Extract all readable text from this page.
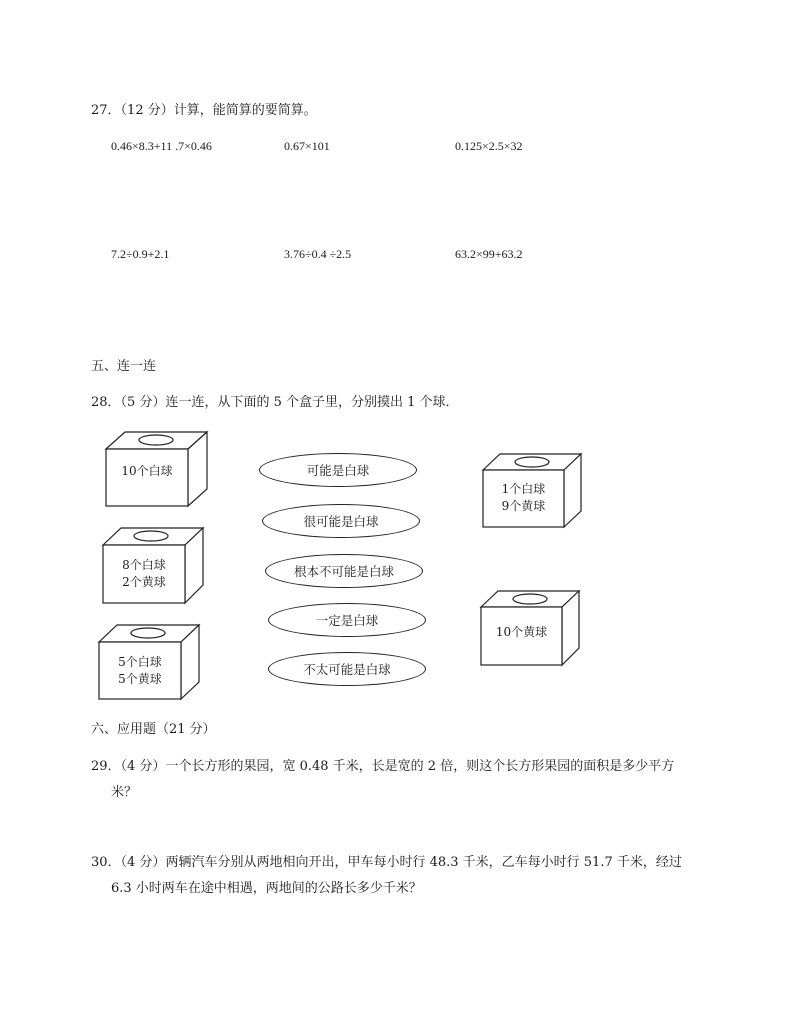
27．（12 分）计算，能简算的要简算。
0.46×8.3+11 .7×0.46	0.67×101	0.125×2.5×32
7.2÷0.9+2.1	3.76÷0.4 ÷2.5	63.2×99+63.2
五、连一连
28．（5 分）连一连，从下面的 5 个盒子里，分别摸出 1 个球．
10个白球
8个白球
2个黄球
5个白球
5个黄球
1个白球
9个黄球
10个黄球
可能是白球
很可能是白球
根本不可能是白球
一定是白球
不太可能是白球
六、应用题（21 分）
29．（4 分）一个长方形的果园，宽 0.48 千米，长是宽的 2 倍，则这个长方形果园的面积是多少平方
米？
30．（4 分）两辆汽车分别从两地相向开出，甲车每小时行 48.3 千米，乙车每小时行 51.7 千米，经过
6.3 小时两车在途中相遇，两地间的公路长多少千米？
